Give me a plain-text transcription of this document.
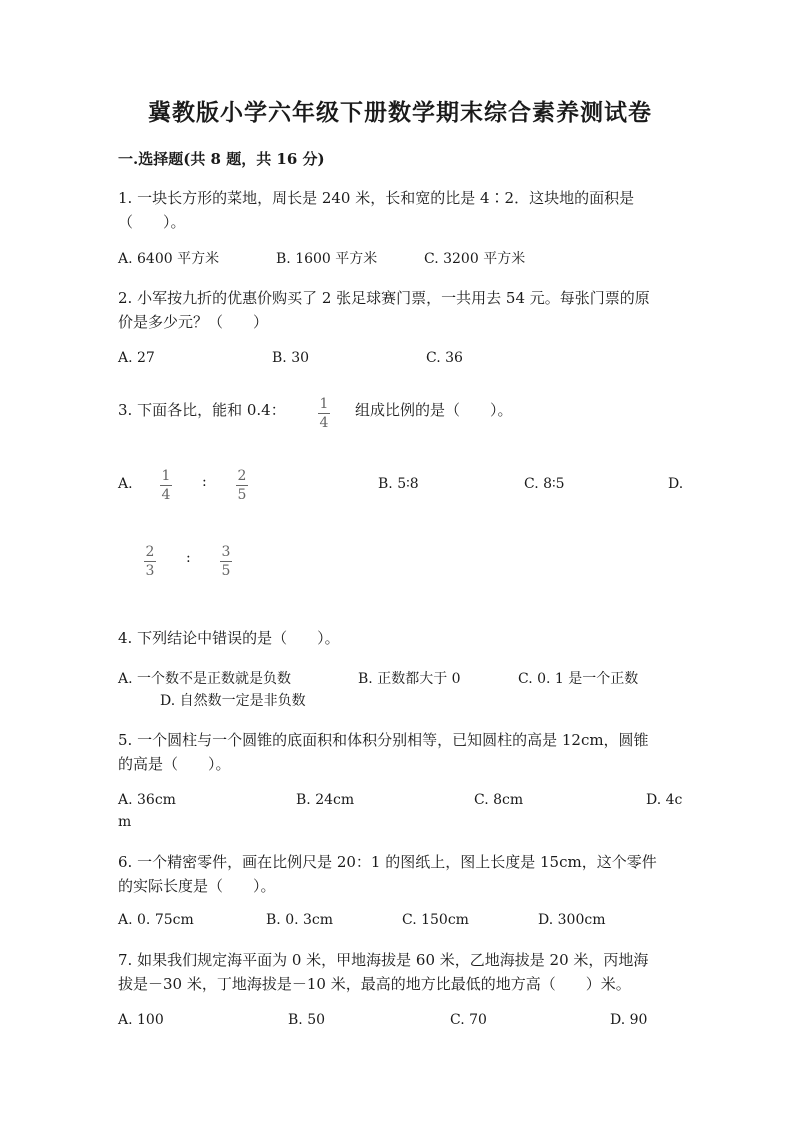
冀教版小学六年级下册数学期末综合素养测试卷
一.选择题(共 8 题，共 16 分)
1. 一块长方形的菜地，周长是 240 米，长和宽的比是 4∶2．这块地的面积是
（　　）。
A. 6400 平方米	B. 1600 平方米	C. 3200 平方米
2. 小军按九折的优惠价购买了 2 张足球赛门票，一共用去 54 元。每张门票的原
价是多少元？（　　）
A. 27	B. 30	C. 36
3. 下面各比，能和 0.4： 1
4
组成比例的是（　　）。
A. 1
4
: 2
5
B. 5∶8	C. 8∶5	D.
2
3
: 3
5
4. 下列结论中错误的是（　　）。
A. 一个数不是正数就是负数	B. 正数都大于 0	C. 0. 1 是一个正数
D. 自然数一定是非负数
5. 一个圆柱与一个圆锥的底面积和体积分别相等，已知圆柱的高是 12cm，圆锥
的高是（　　）。
A. 36cm	B. 24cm	C. 8cm	D. 4c
m
6. 一个精密零件，画在比例尺是 20：1 的图纸上，图上长度是 15cm，这个零件
的实际长度是（　　）。
A. 0. 75cm	B. 0. 3cm	C. 150cm	D. 300cm
7. 如果我们规定海平面为 0 米，甲地海拔是 60 米，乙地海拔是 20 米，丙地海
拔是－30 米，丁地海拔是－10 米，最高的地方比最低的地方高（　　）米。
A. 100	B. 50	C. 70	D. 90
